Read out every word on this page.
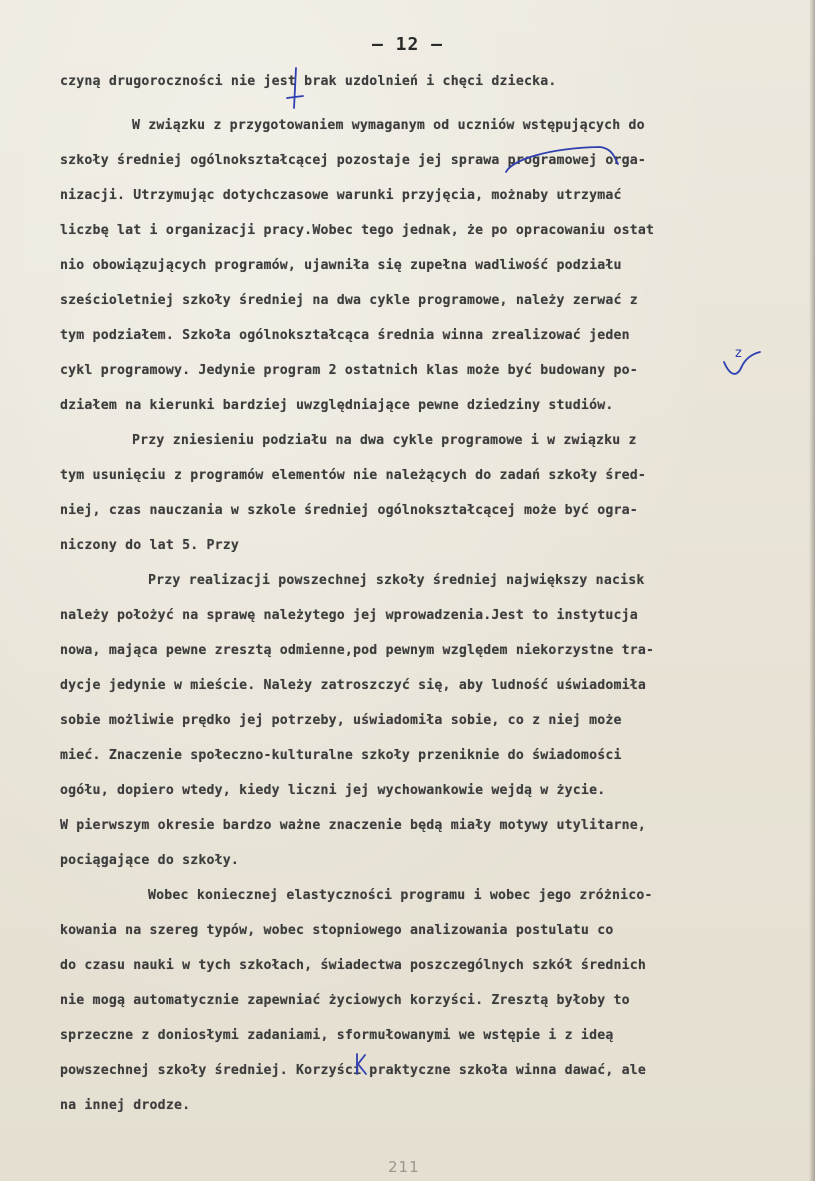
– 12 –
czyną drugoroczności nie jest brak uzdolnień i chęci dziecka.
W związku z przygotowaniem wymaganym od uczniów wstępujących do
szkoły średniej ogólnokształcącej pozostaje jej sprawa programowej orga-
nizacji. Utrzymując dotychczasowe warunki przyjęcia, możnaby utrzymać
liczbę lat i organizacji pracy.Wobec tego jednak, że po opracowaniu ostat
nio obowiązujących programów, ujawniła się zupełna wadliwość podziału
sześcioletniej szkoły średniej na dwa cykle programowe, należy zerwać z
tym podziałem. Szkoła ogólnokształcąca średnia winna zrealizować jeden
cykl programowy. Jedynie program 2 ostatnich klas może być budowany po-
działem na kierunki bardziej uwzględniające pewne dziedziny studiów.
Przy zniesieniu podziału na dwa cykle programowe i w związku z
tym usunięciu z programów elementów nie należących do zadań szkoły śred-
niej, czas nauczania w szkole średniej ogólnokształcącej może być ogra-
niczony do lat 5. Przy
Przy realizacji powszechnej szkoły średniej największy nacisk
należy położyć na sprawę należytego jej wprowadzenia.Jest to instytucja
nowa, mająca pewne zresztą odmienne,pod pewnym względem niekorzystne tra-
dycje jedynie w mieście. Należy zatroszczyć się, aby ludność uświadomiła
sobie możliwie prędko jej potrzeby, uświadomiła sobie, co z niej może
mieć. Znaczenie społeczno-kulturalne szkoły przeniknie do świadomości
ogółu, dopiero wtedy, kiedy liczni jej wychowankowie wejdą w życie.
W pierwszym okresie bardzo ważne znaczenie będą miały motywy utylitarne,
pociągające do szkoły.
Wobec koniecznej elastyczności programu i wobec jego zróżnico-
kowania na szereg typów, wobec stopniowego analizowania postulatu co
do czasu nauki w tych szkołach, świadectwa poszczególnych szkół średnich
nie mogą automatycznie zapewniać życiowych korzyści. Zresztą byłoby to
sprzeczne z doniosłymi zadaniami, sformułowanymi we wstępie i z ideą
powszechnej szkoły średniej. Korzyści praktyczne szkoła winna dawać, ale
na innej drodze.
z
211
